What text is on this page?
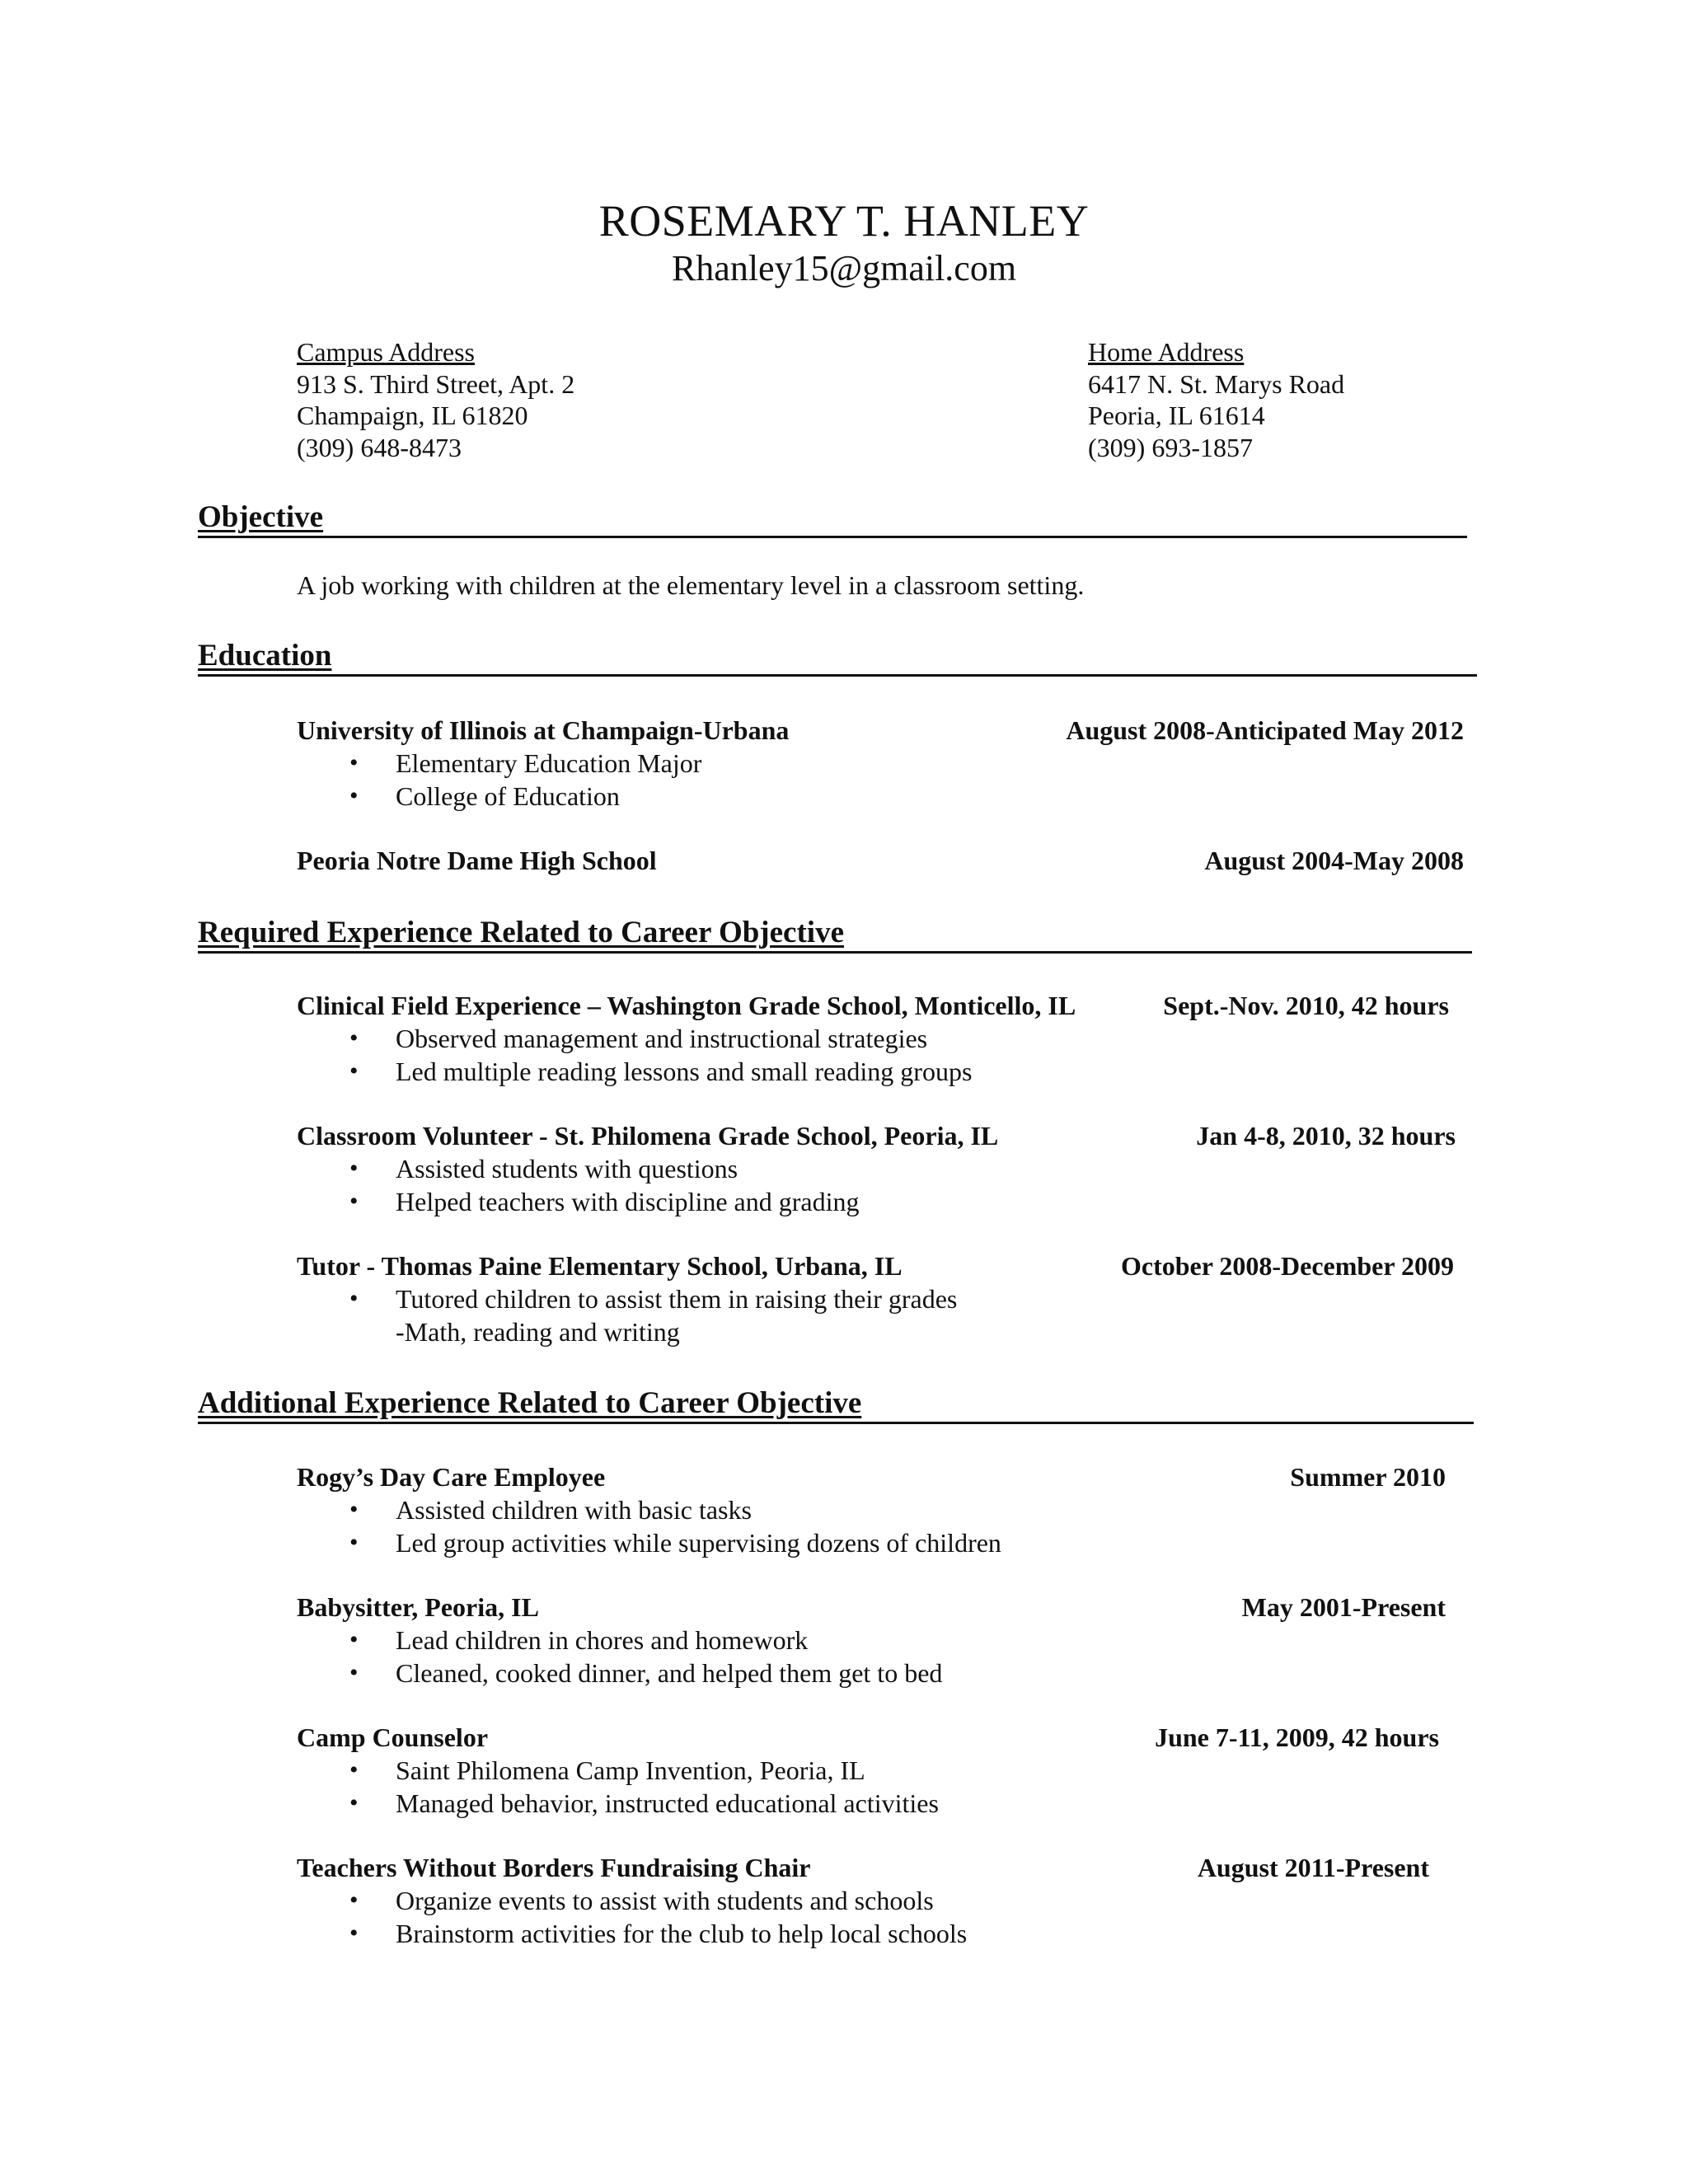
ROSEMARY T. HANLEY
Rhanley15@gmail.com
Campus Address
913 S. Third Street, Apt. 2
Champaign, IL 61820
(309) 648-8473
Home Address
6417 N. St. Marys Road
Peoria, IL 61614
(309) 693-1857
Objective
A job working with children at the elementary level in a classroom setting.
Education
University of Illinois at Champaign-Urbana	August 2008-Anticipated May 2012
• Elementary Education Major
• College of Education
Peoria Notre Dame High School	August 2004-May 2008
Required Experience Related to Career Objective
Clinical Field Experience – Washington Grade School, Monticello, IL	Sept.-Nov. 2010, 42 hours
• Observed management and instructional strategies
• Led multiple reading lessons and small reading groups
Classroom Volunteer - St. Philomena Grade School, Peoria, IL	Jan 4-8, 2010, 32 hours
• Assisted students with questions
• Helped teachers with discipline and grading
Tutor - Thomas Paine Elementary School, Urbana, IL	October 2008-December 2009
• Tutored children to assist them in raising their grades
-Math, reading and writing
Additional Experience Related to Career Objective
Rogy’s Day Care Employee	Summer 2010
• Assisted children with basic tasks
• Led group activities while supervising dozens of children
Babysitter, Peoria, IL	May 2001-Present
• Lead children in chores and homework
• Cleaned, cooked dinner, and helped them get to bed
Camp Counselor	June 7-11, 2009, 42 hours
• Saint Philomena Camp Invention, Peoria, IL
• Managed behavior, instructed educational activities
Teachers Without Borders Fundraising Chair	August 2011-Present
• Organize events to assist with students and schools
• Brainstorm activities for the club to help local schools
